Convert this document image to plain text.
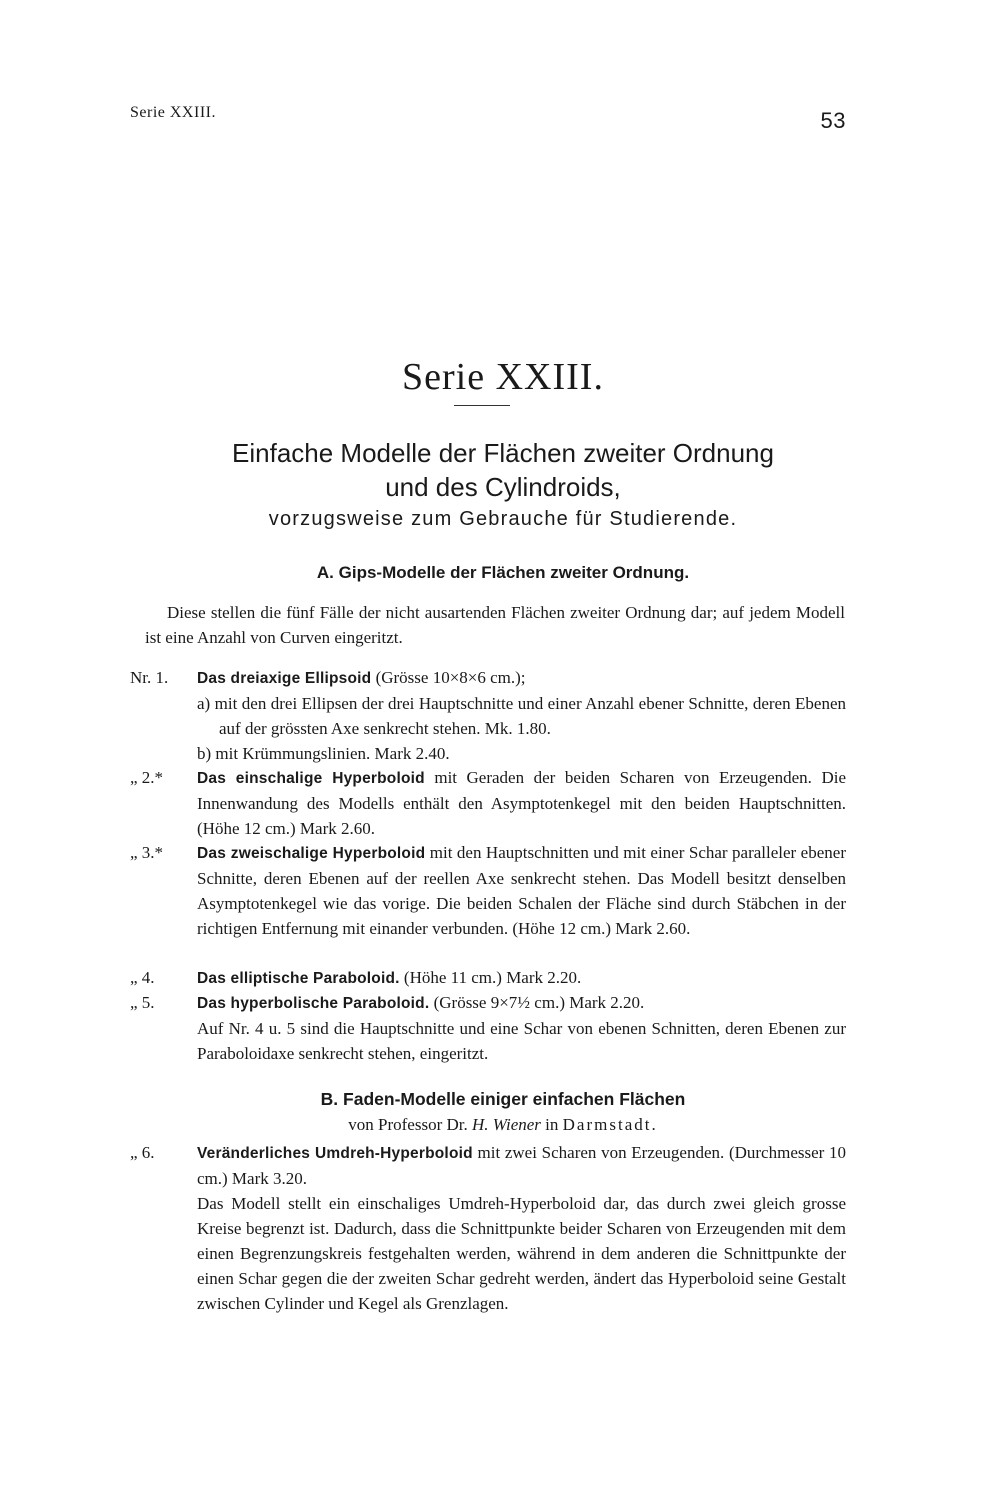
Serie XXIII.	53
Serie XXIII.
Einfache Modelle der Flächen zweiter Ordnung
und des Cylindroids,
vorzugsweise zum Gebrauche für Studierende.
A. Gips-Modelle der Flächen zweiter Ordnung.
Diese stellen die fünf Fälle der nicht ausartenden Flächen zweiter Ordnung dar; auf jedem Modell ist eine Anzahl von Curven eingeritzt.
Nr. 1.	Das dreiaxige Ellipsoid (Grösse 10×8×6 cm.);
a) mit den drei Ellipsen der drei Hauptschnitte und einer Anzahl ebener Schnitte, deren Ebenen auf der grössten Axe senkrecht stehen. Mk. 1.80.
b) mit Krümmungslinien. Mark 2.40.
„ 2.*	Das einschalige Hyperboloid mit Geraden der beiden Scharen von Erzeugenden. Die Innenwandung des Modells enthält den Asymptotenkegel mit den beiden Hauptschnitten. (Höhe 12 cm.) Mark 2.60.
„ 3.*	Das zweischalige Hyperboloid mit den Hauptschnitten und mit einer Schar paralleler ebener Schnitte, deren Ebenen auf der reellen Axe senkrecht stehen. Das Modell besitzt denselben Asymptotenkegel wie das vorige. Die beiden Schalen der Fläche sind durch Stäbchen in der richtigen Entfernung mit einander verbunden. (Höhe 12 cm.) Mark 2.60.
„ 4.	Das elliptische Paraboloid. (Höhe 11 cm.) Mark 2.20.
„ 5.	Das hyperbolische Paraboloid. (Grösse 9×7½ cm.) Mark 2.20.
Auf Nr. 4 u. 5 sind die Hauptschnitte und eine Schar von ebenen Schnitten, deren Ebenen zur Paraboloidaxe senkrecht stehen, eingeritzt.
B. Faden-Modelle einiger einfachen Flächen
von Professor Dr. H. Wiener in Darmstadt.
„ 6.	Veränderliches Umdreh-Hyperboloid mit zwei Scharen von Erzeugenden. (Durchmesser 10 cm.) Mark 3.20.
Das Modell stellt ein einschaliges Umdreh-Hyperboloid dar, das durch zwei gleich grosse Kreise begrenzt ist. Dadurch, dass die Schnittpunkte beider Scharen von Erzeugenden mit dem einen Begrenzungskreis festgehalten werden, während in dem anderen die Schnittpunkte der einen Schar gegen die der zweiten Schar gedreht werden, ändert das Hyperboloid seine Gestalt zwischen Cylinder und Kegel als Grenzlagen.
